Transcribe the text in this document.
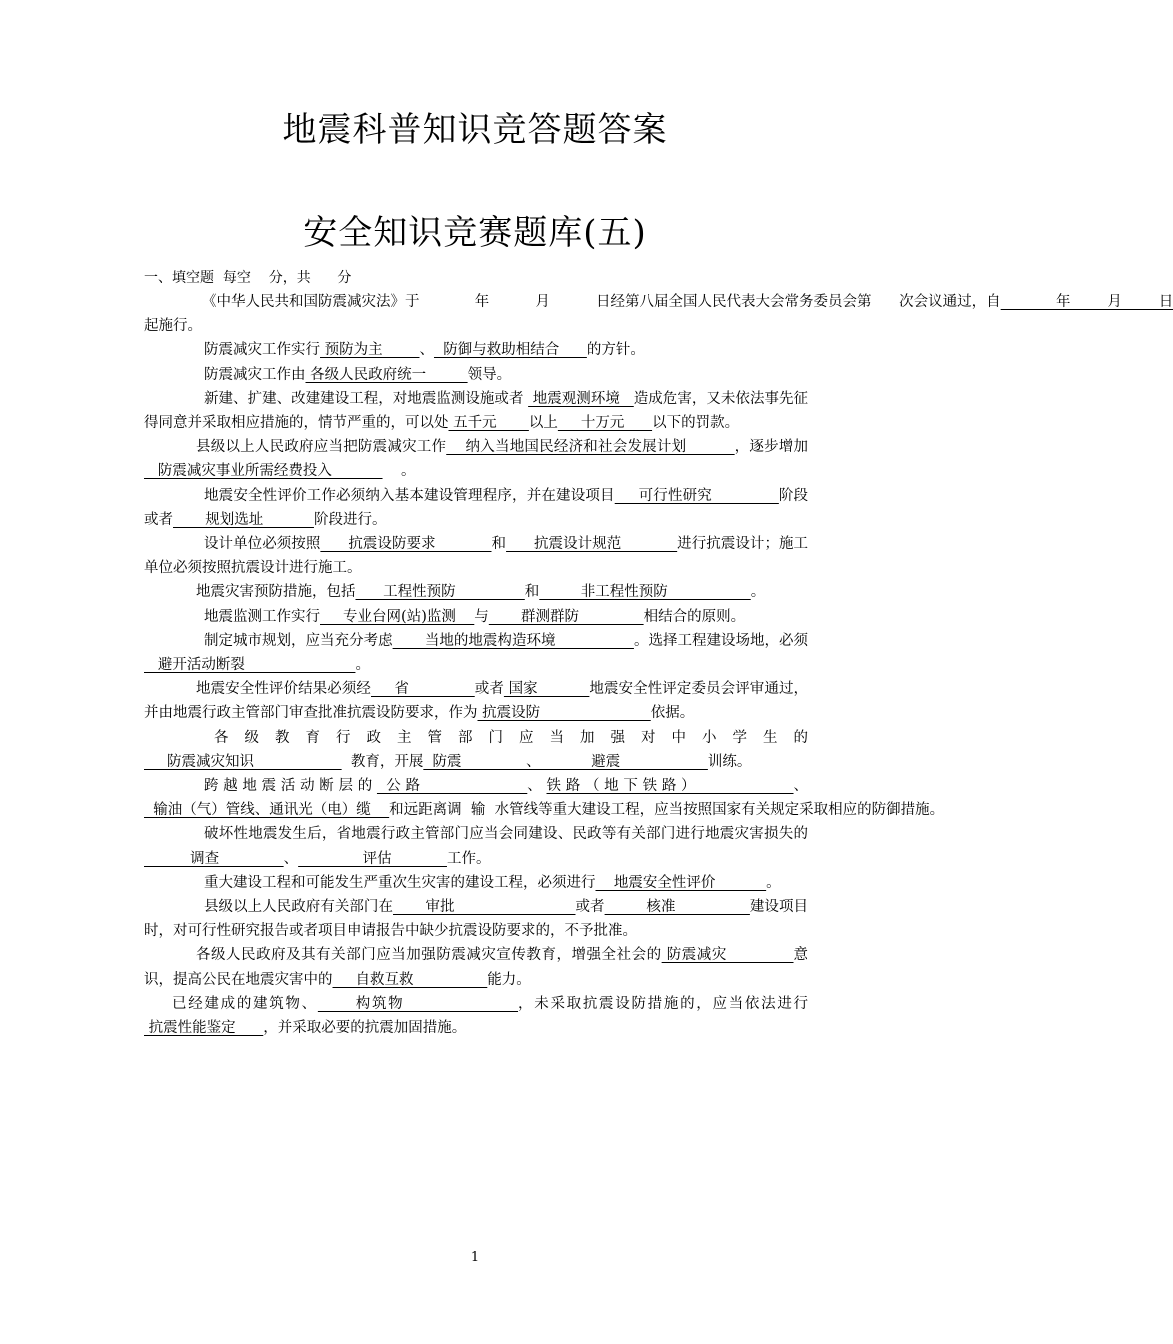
地震科普知识竞答题答案
安全知识竞赛题库(五)
一、填空题  每空    分，共      分

《中华人民共和国防震减灾法》于            年          月          日经第八届全国人民代表大会常务委员会第      次会议通过，自            年        月        日起施行。

防震减灾工作实行 预防为主        、  防御与救助相结合      的方针。

防震减灾工作由 各级人民政府统一         领导。

新建、扩建、改建建设工程，对地震监测设施或者  地震观测环境   造成危害，又未依法事先征得同意并采取相应措施的，情节严重的，可以处 五千元       以上     十万元      以下的罚款。

县级以上人民政府应当把防震减灾工作    纳入当地国民经济和社会发展计划          ，逐步增加   防震减灾事业所需经费投入               。

地震安全性评价工作必须纳入基本建设管理程序，并在建设项目     可行性研究              阶段或者       规划选址           阶段进行。

设计单位必须按照      抗震设防要求            和      抗震设计规范            进行抗震设计；施工单位必须按照抗震设计进行施工。

地震灾害预防措施，包括      工程性预防               和         非工程性预防                  。

地震监测工作实行     专业台网(站)监测    与       群测群防              相结合的原则。

制定城市规划，应当充分考虑       当地的地震构造环境                 。选择工程建设场地，必须   避开活动断裂                        。

地震安全性评价结果必须经     省              或者 国家           地震安全性评定委员会评审通过，并由地震行政主管部门审查批准抗震设防要求，作为 抗震设防                        依据。

各级教育行政主管部门应当加强对中小学生的     防震减灾知识                     教育，开展  防震              、           避震                   训练。

跨越地震活动断层的 公路           、铁路（地下铁路）          、  输油（气）管线、通讯光（电）缆    和远距离调  输  水管线等重大建设工程，应当按照国家有关规定采取相应的防御措施。

破坏性地震发生后，省地震行政主管部门应当会同建设、民政等有关部门进行地震灾害损失的          调查              、              评估            工作。

重大建设工程和可能发生严重次生灾害的建设工程，必须进行    地震安全性评价           。

县级以上人民政府有关部门在       审批                          或者         核准                建设项目时，对可行性研究报告或者项目申请报告中缺少抗震设防要求的，不予批准。

各级人民政府及其有关部门应当加强防震减灾宣传教育，增强全社会的 防震减灾             意识，提高公民在地震灾害中的     自救互救                能力。

已经建成的建筑物、      构筑物                  ，未采取抗震设防措施的，应当依法进行 抗震性能鉴定      ，并采取必要的抗震加固措施。

1
